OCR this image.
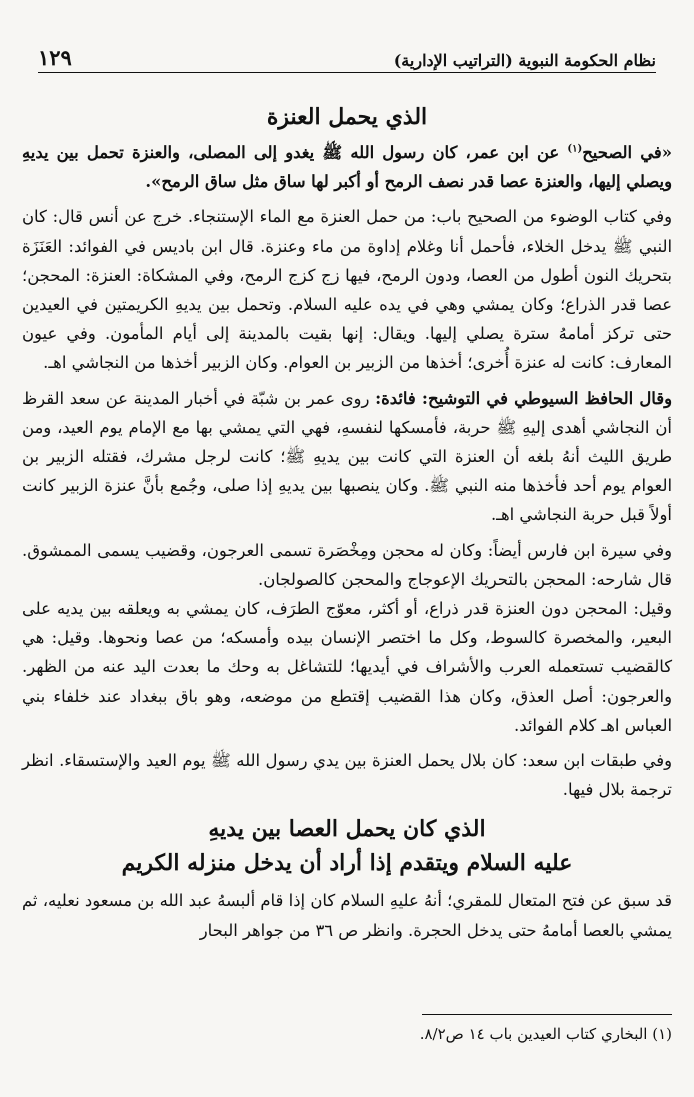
نظام الحكومة النبوية (التراتيب الإدارية)
١٢٩
الذي يحمل العنزة

«في الصحيح$^{(١)}$ عن ابن عمر، كان رسول الله ﷺ يغدو إلى المصلى، والعنزة تحمل بين يديهِ ويصلي إليها، والعنزة عصا قدر نصف الرمح أو أكبر لها ساق مثل ساق الرمح».

وفي كتاب الوضوء من الصحيح باب: من حمل العنزة مع الماء الإستنجاء. خرج عن أنس قال: كان النبي ﷺ يدخل الخلاء، فأحمل أنا وغلام إداوة من ماء وعنزة. قال ابن باديس في الفوائد: العَنَزَة بتحريك النون أطول من العصا، ودون الرمح، فيها زج كزج الرمح، وفي المشكاة: العنزة: المحجن؛ عصا قدر الذراع؛ وكان يمشي وهي في يده عليه السلام. وتحمل بين يديهِ الكريمتين في العيدين حتى تركز أمامهُ سترة يصلي إليها. ويقال: إنها بقيت بالمدينة إلى أيام المأمون. وفي عيون المعارف: كانت له عنزة أُخرى؛ أخذها من الزبير بن العوام. وكان الزبير أخذها من النجاشي اهـ.

وقال الحافظ السيوطي في التوشيح: فائدة: روى عمر بن شبّة في أخبار المدينة عن سعد القرظ أن النجاشي أهدى إليهِ ﷺ حربة، فأمسكها لنفسهِ، فهي التي يمشي بها مع الإمام يوم العيد، ومن طريق الليث أنهُ بلغه أن العنزة التي كانت بين يديهِ ﷺ؛ كانت لرجل مشرك، فقتله الزبير بن العوام يوم أحد فأخذها منه النبي ﷺ. وكان ينصبها بين يديهِ إذا صلى، وجُمع بأنَّ عنزة الزبير كانت أولاً قبل حربة النجاشي اهـ.

وفي سيرة ابن فارس أيضاً: وكان له محجن ومِخْصَرة تسمى العرجون، وقضيب يسمى الممشوق. قال شارحه: المحجن بالتحريك الإعوجاج والمحجن كالصولجان.

وقيل: المحجن دون العنزة قدر ذراع، أو أكثر، معوّج الطرَف، كان يمشي به ويعلقه بين يديه على البعير، والمخصرة كالسوط، وكل ما اختصر الإنسان بيده وأمسكه؛ من عصا ونحوها. وقيل: هي كالقضيب تستعمله العرب والأشراف في أيديها؛ للتشاغل به وحك ما بعدت اليد عنه من الظهر. والعرجون: أصل العذق، وكان هذا القضيب إقتطع من موضعه، وهو باق ببغداد عند خلفاء بني العباس اهـ كلام الفوائد.

وفي طبقات ابن سعد: كان بلال يحمل العنزة بين يدي رسول الله ﷺ يوم العيد والإستسقاء. انظر ترجمة بلال فيها.

الذي كان يحمل العصا بين يديهِ
عليه السلام ويتقدم إذا أراد أن يدخل منزله الكريم

قد سبق عن فتح المتعال للمقري؛ أنهُ عليهِ السلام كان إذا قام ألبسهُ عبد الله بن مسعود نعليه، ثم يمشي بالعصا أمامهُ حتى يدخل الحجرة. وانظر ص ٣٦ من جواهر البحار

(١) البخاري كتاب العيدين باب ١٤ ص٨/٢.
